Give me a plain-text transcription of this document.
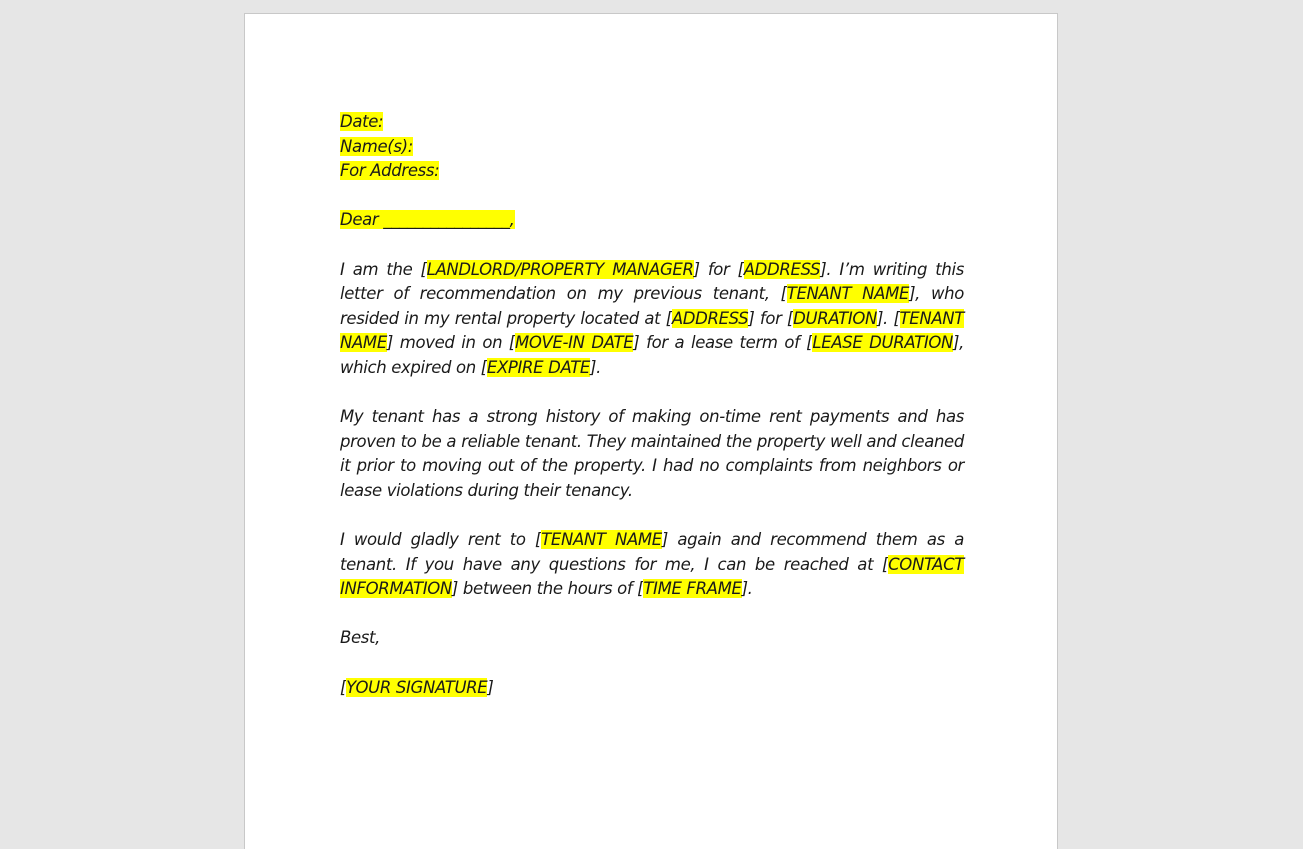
Date:
Name(s):
For Address:
Dear ________________,
I am the [LANDLORD/PROPERTY MANAGER] for [ADDRESS]. I’m writing this letter of recommendation on my previous tenant, [TENANT NAME], who resided in my rental property located at [ADDRESS] for [DURATION]. [TENANT NAME] moved in on [MOVE-IN DATE] for a lease term of [LEASE DURATION], which expired on [EXPIRE DATE].
My tenant has a strong history of making on-time rent payments and has proven to be a reliable tenant. They maintained the property well and cleaned it prior to moving out of the property. I had no complaints from neighbors or lease violations during their tenancy.
I would gladly rent to [TENANT NAME] again and recommend them as a tenant. If you have any questions for me, I can be reached at [CONTACT INFORMATION] between the hours of [TIME FRAME].
Best,
[YOUR SIGNATURE]
